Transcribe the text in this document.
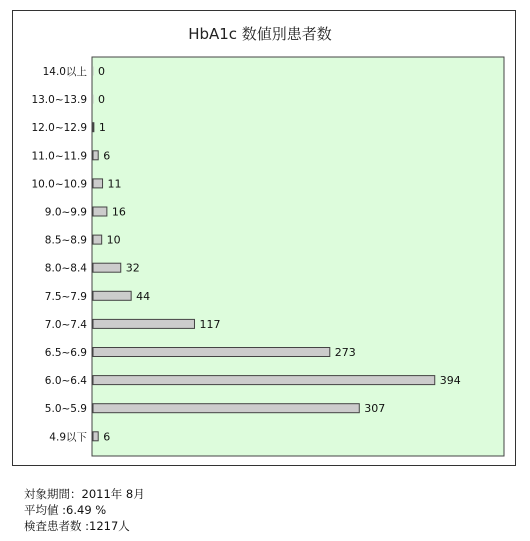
HbA1c 数値別患者数
14.0以上
13.0~13.9
12.0~12.9
11.0~11.9
10.0~10.9
9.0~9.9
8.5~8.9
8.0~8.4
7.5~7.9
7.0~7.4
6.5~6.9
6.0~6.4
5.0~5.9
4.9以下
0
0
1
6
11
16
10
32
44
117
273
394
307
6
対象期間：2011年 8月
平均値 :6.49 %
検査患者数 :1217人
